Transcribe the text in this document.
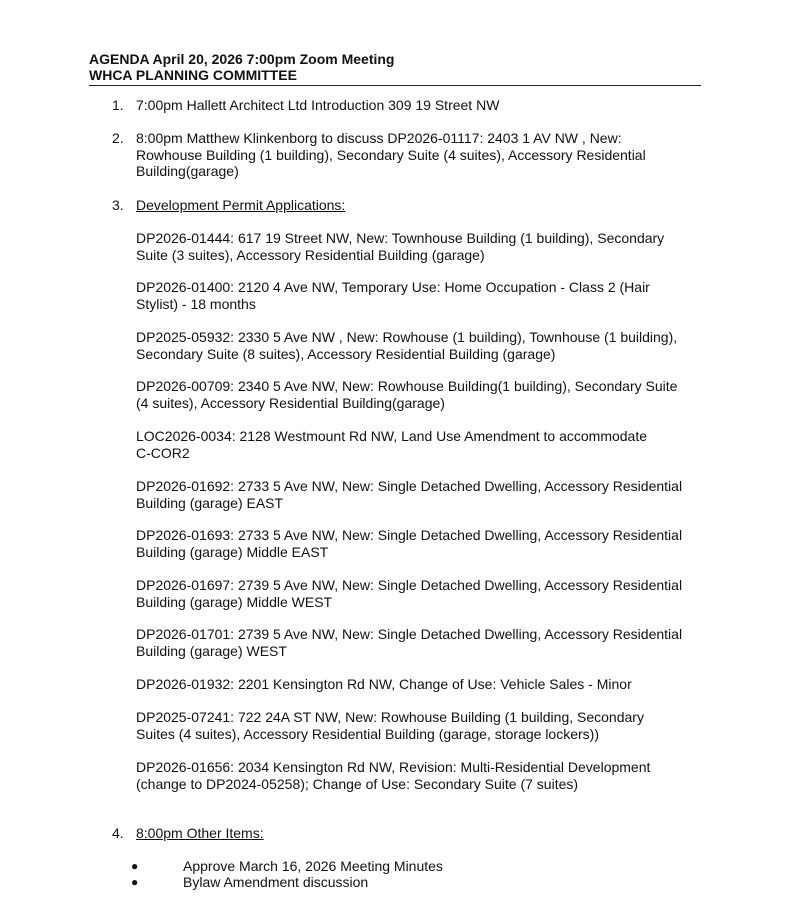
AGENDA April 20, 2026 7:00pm Zoom Meeting
WHCA PLANNING COMMITTEE
1. 7:00pm Hallett Architect Ltd Introduction 309 19 Street NW
2. 8:00pm Matthew Klinkenborg to discuss DP2026-01117: 2403 1 AV NW , New:
Rowhouse Building (1 building), Secondary Suite (4 suites), Accessory Residential
Building(garage)
3. Development Permit Applications:
DP2026-01444: 617 19 Street NW, New: Townhouse Building (1 building), Secondary
Suite (3 suites), Accessory Residential Building (garage)
DP2026-01400: 2120 4 Ave NW, Temporary Use: Home Occupation - Class 2 (Hair
Stylist) - 18 months
DP2025-05932: 2330 5 Ave NW , New: Rowhouse (1 building), Townhouse (1 building),
Secondary Suite (8 suites), Accessory Residential Building (garage)
DP2026-00709: 2340 5 Ave NW, New: Rowhouse Building(1 building), Secondary Suite
(4 suites), Accessory Residential Building(garage)
LOC2026-0034: 2128 Westmount Rd NW, Land Use Amendment to accommodate
C-COR2
DP2026-01692: 2733 5 Ave NW, New: Single Detached Dwelling, Accessory Residential
Building (garage) EAST
DP2026-01693: 2733 5 Ave NW, New: Single Detached Dwelling, Accessory Residential
Building (garage) Middle EAST
DP2026-01697: 2739 5 Ave NW, New: Single Detached Dwelling, Accessory Residential
Building (garage) Middle WEST
DP2026-01701: 2739 5 Ave NW, New: Single Detached Dwelling, Accessory Residential
Building (garage) WEST
DP2026-01932: 2201 Kensington Rd NW, Change of Use: Vehicle Sales - Minor
DP2025-07241: 722 24A ST NW, New: Rowhouse Building (1 building, Secondary
Suites (4 suites), Accessory Residential Building (garage, storage lockers))
DP2026-01656: 2034 Kensington Rd NW, Revision: Multi-Residential Development
(change to DP2024-05258); Change of Use: Secondary Suite (7 suites)
4. 8:00pm Other Items:
●	Approve March 16, 2026 Meeting Minutes
●	Bylaw Amendment discussion
